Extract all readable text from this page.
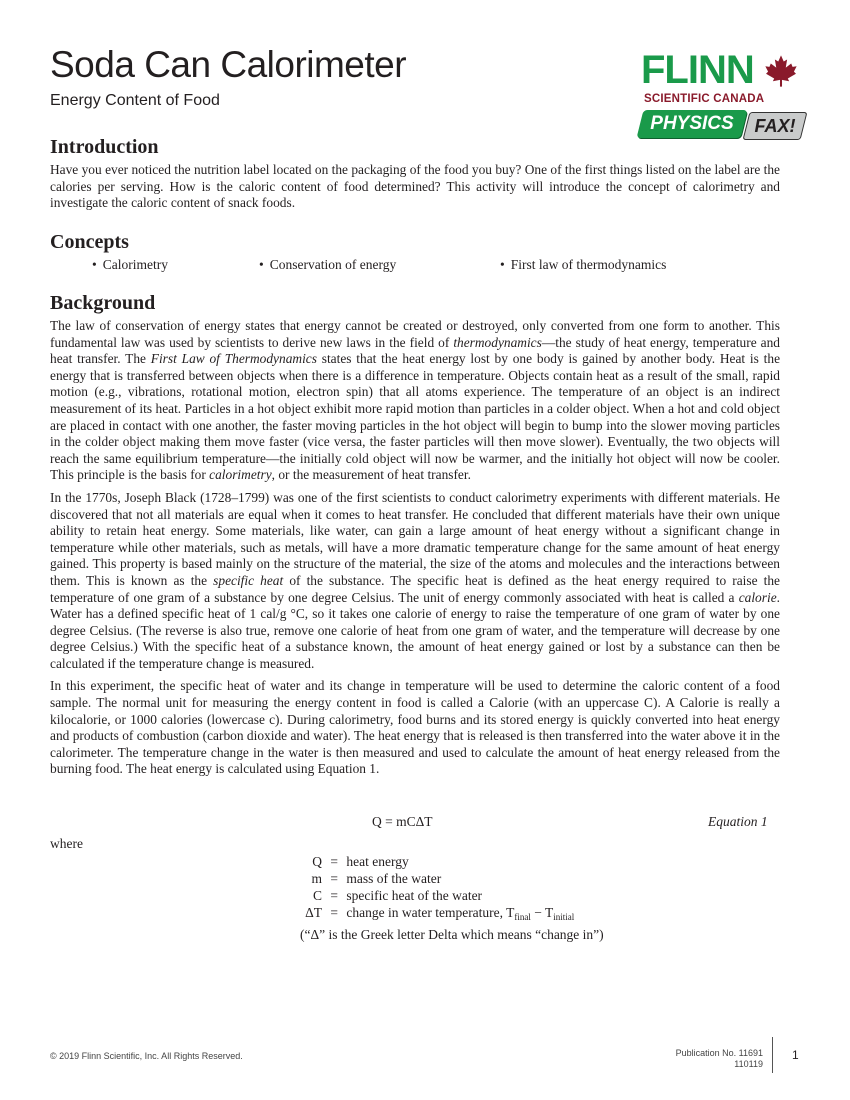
Soda Can Calorimeter
Energy Content of Food
FLINN
SCIENTIFIC CANADA
PHYSICS	FAX!
Introduction

Have you ever noticed the nutrition label located on the packaging of the food you buy? One of the first things listed on the label are the calories per serving. How is the caloric content of food determined? This activity will introduce the concept of calorimetry and investigate the caloric content of snack foods.

Concepts
• Calorimetry	• Conservation of energy	• First law of thermodynamics
Background

The law of conservation of energy states that energy cannot be created or destroyed, only converted from one form to another. This fundamental law was used by scientists to derive new laws in the field of thermodynamics—the study of heat energy, temperature and heat transfer. The First Law of Thermodynamics states that the heat energy lost by one body is gained by another body. Heat is the energy that is transferred between objects when there is a difference in temperature. Objects contain heat as a result of the small, rapid motion (e.g., vibrations, rotational motion, electron spin) that all atoms experience. The temperature of an object is an indirect measurement of its heat. Particles in a hot object exhibit more rapid motion than particles in a colder object. When a hot and cold object are placed in contact with one another, the faster moving particles in the hot object will begin to bump into the slower moving particles in the colder object making them move faster (vice versa, the faster particles will then move slower). Eventually, the two objects will reach the same equilibrium temperature—the initially cold object will now be warmer, and the initially hot object will now be cooler. This principle is the basis for calorimetry, or the measurement of heat transfer.

In the 1770s, Joseph Black (1728–1799) was one of the first scientists to conduct calorimetry experiments with different materials. He discovered that not all materials are equal when it comes to heat transfer. He concluded that different materials have their own unique ability to retain heat energy. Some materials, like water, can gain a large amount of heat energy without a significant change in temperature while other materials, such as metals, will have a more dramatic temperature change for the same amount of heat energy gained. This property is based mainly on the structure of the material, the size of the atoms and molecules and the interactions between them. This is known as the specific heat of the substance. The specific heat is defined as the heat energy required to raise the temperature of one gram of a substance by one degree Celsius. The unit of energy commonly associated with heat is called a calorie. Water has a defined specific heat of 1 cal/g °C, so it takes one calorie of energy to raise the temperature of one gram of water by one degree Celsius. (The reverse is also true, remove one calorie of heat from one gram of water, and the temperature will decrease by one degree Celsius.) With the specific heat of a substance known, the amount of heat energy gained or lost by a substance can then be calculated if the temperature change is measured.

In this experiment, the specific heat of water and its change in temperature will be used to determine the caloric content of a food sample. The normal unit for measuring the energy content in food is called a Calorie (with an uppercase C). A Calorie is really a kilocalorie, or 1000 calories (lowercase c). During calorimetry, food burns and its stored energy is quickly converted into heat energy and products of combustion (carbon dioxide and water). The heat energy that is released is then transferred into the water above it in the calorimeter. The temperature change in the water is then measured and used to calculate the amount of heat energy released from the burning food. The heat energy is calculated using Equation 1.

Q = mCΔT	Equation 1
where
Q = heat energy
m = mass of the water
C = specific heat of the water
ΔT = change in water temperature, $T_{final} - T_{initial}$
(“Δ” is the Greek letter Delta which means “change in”)
© 2019 Flinn Scientific, Inc. All Rights Reserved.	Publication No. 11691
110119
1
